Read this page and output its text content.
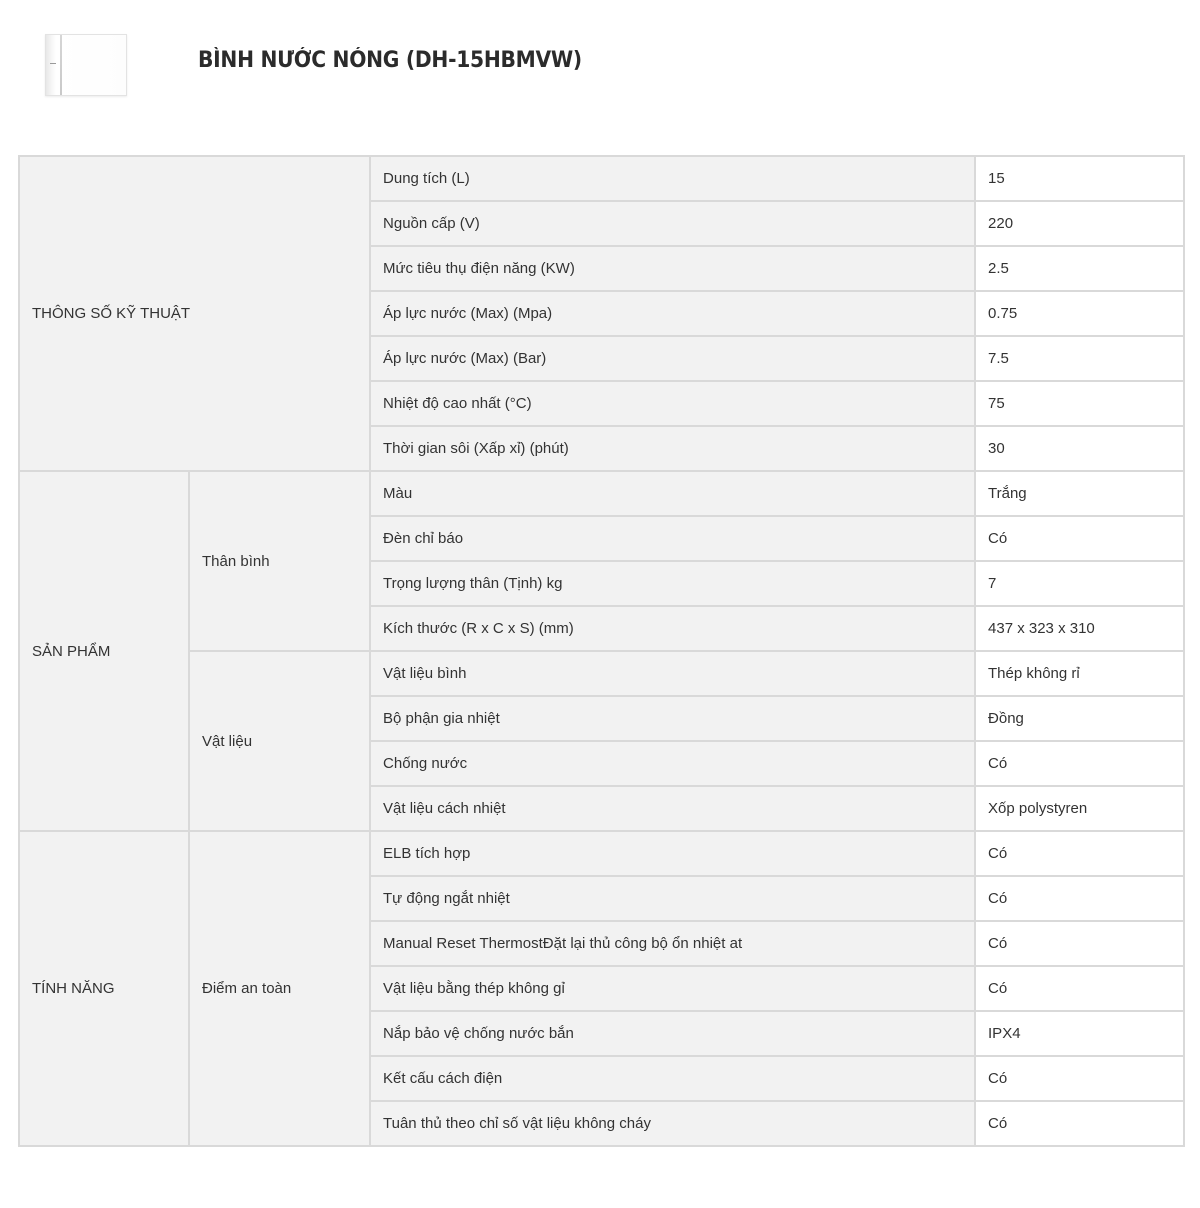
BÌNH NƯỚC NÓNG (DH-15HBMVW)
THÔNG SỐ KỸ THUẬT		Dung tích (L)	15
		Nguồn cấp (V)	220
		Mức tiêu thụ điện năng (KW)	2.5
		Áp lực nước (Max) (Mpa)	0.75
		Áp lực nước (Max) (Bar)	7.5
		Nhiệt độ cao nhất (°C)	75
		Thời gian sôi (Xấp xỉ) (phút)	30
SẢN PHẨM	Thân bình	Màu	Trắng
		Đèn chỉ báo	Có
		Trọng lượng thân (Tịnh) kg	7
		Kích thước (R x C x S) (mm)	437 x 323 x 310
	Vật liệu	Vật liệu bình	Thép không rỉ
		Bộ phận gia nhiệt	Đồng
		Chống nước	Có
		Vật liệu cách nhiệt	Xốp polystyren
TÍNH NĂNG	Điểm an toàn	ELB tích hợp	Có
		Tự động ngắt nhiệt	Có
		Manual Reset ThermostĐặt lại thủ công bộ ổn nhiệt at	Có
		Vật liệu bằng thép không gỉ	Có
		Nắp bảo vệ chống nước bắn	IPX4
		Kết cấu cách điện	Có
		Tuân thủ theo chỉ số vật liệu không cháy	Có
